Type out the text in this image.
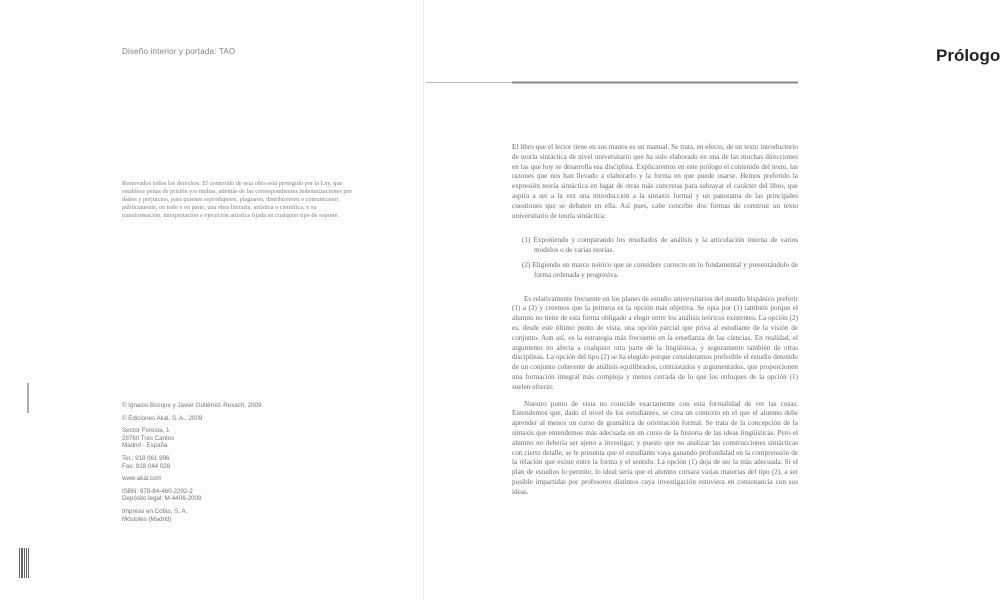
Diseño interior y portada: TAO
Reservados todos los derechos. El contenido de esta obra está protegido por la Ley, que establece penas de prisión y/o multas, además de las correspondientes indemnizaciones por daños y perjuicios, para quienes reprodujeren, plagiaren, distribuyeren o comunicaren públicamente, en todo o en parte, una obra literaria, artística o científica, o su transformación, interpretación o ejecución artística fijada en cualquier tipo de soporte.

© Ignacio Bosque y Javier Gutiérrez-Rexach, 2009

© Ediciones Akal, S. A., 2009

Sector Foresta, 1
28760 Tres Cantos
Madrid - España

Tel.: 918 061 996
Fax: 918 044 028

www.akal.com

ISBN: 978-84-460-2292-2
Depósito legal: M-4406-2009

Impreso en Cofás, S. A.
Móstoles (Madrid)

Prólogo

El libro que el lector tiene en sus manos es un manual. Se trata, en efecto, de un texto introductorio de teoría sintáctica de nivel universitario que ha sido elaborado en una de las muchas direcciones en las que hoy se desarrolla esa disciplina. Explicaremos en este prólogo el contenido del texto, las razones que nos han llevado a elaborarlo y la forma en que puede usarse. Hemos preferido la expresión teoría sintáctica en lugar de otras más concretas para subrayar el carácter del libro, que aspira a ser a la vez una introducción a la sintaxis formal y un panorama de las principales cuestiones que se debaten en ella. Así pues, cabe concebir dos formas de construir un texto universitario de teoría sintáctica:

(1) Exponiendo y comparando los resultados de análisis y la articulación interna de varios modelos o de varias teorías.
(2) Eligiendo un marco teórico que se considere correcto en lo fundamental y presentándolo de forma ordenada y progresiva.

Es relativamente frecuente en los planes de estudio universitarios del mundo hispánico preferir (1) a (2) y creemos que la primera es la opción más objetiva. Se opta por (1) también porque el alumno no tiene de esta forma obligado a elegir entre los análisis teóricos existentes. La opción (2) es, desde este último punto de vista, una opción parcial que priva al estudiante de la visión de conjunto. Aun así, es la estrategia más frecuente en la enseñanza de las ciencias. En realidad, el argumento no afecta a cualquier otra parte de la lingüística, y seguramente también de otras disciplinas. La opción del tipo (2) se ha elegido porque consideramos preferible el estudio detenido de un conjunto coherente de análisis equilibrados, contrastados y argumentados, que proporcionen una formación integral más compleja y menos cerrada de lo que los enfoques de la opción (1) suelen ofrecer.

Nuestro punto de vista no coincide exactamente con esta formalidad de ver las cosas. Entendemos que, dado el nivel de los estudiantes, se crea un contexto en el que el alumno debe aprender al menos un curso de gramática de orientación formal. Se trata de la concepción de la sintaxis que entendemos más adecuada en un curso de la historia de las ideas lingüísticas. Pero el alumno no debería ser ajeno a investigar, y puesto que no analizar las construcciones sintácticas con cierto detalle, se le presenta que el estudiante vaya ganando profundidad en la comprensión de la relación que existe entre la forma y el sentido. La opción (1) deja de ser la más adecuada. Si el plan de estudios lo permite, lo ideal sería que el alumno cursara varias materias del tipo (2), a ser posible impartidas por profesores distintos cuya investigación estuviera en consonancia con sus ideas.
